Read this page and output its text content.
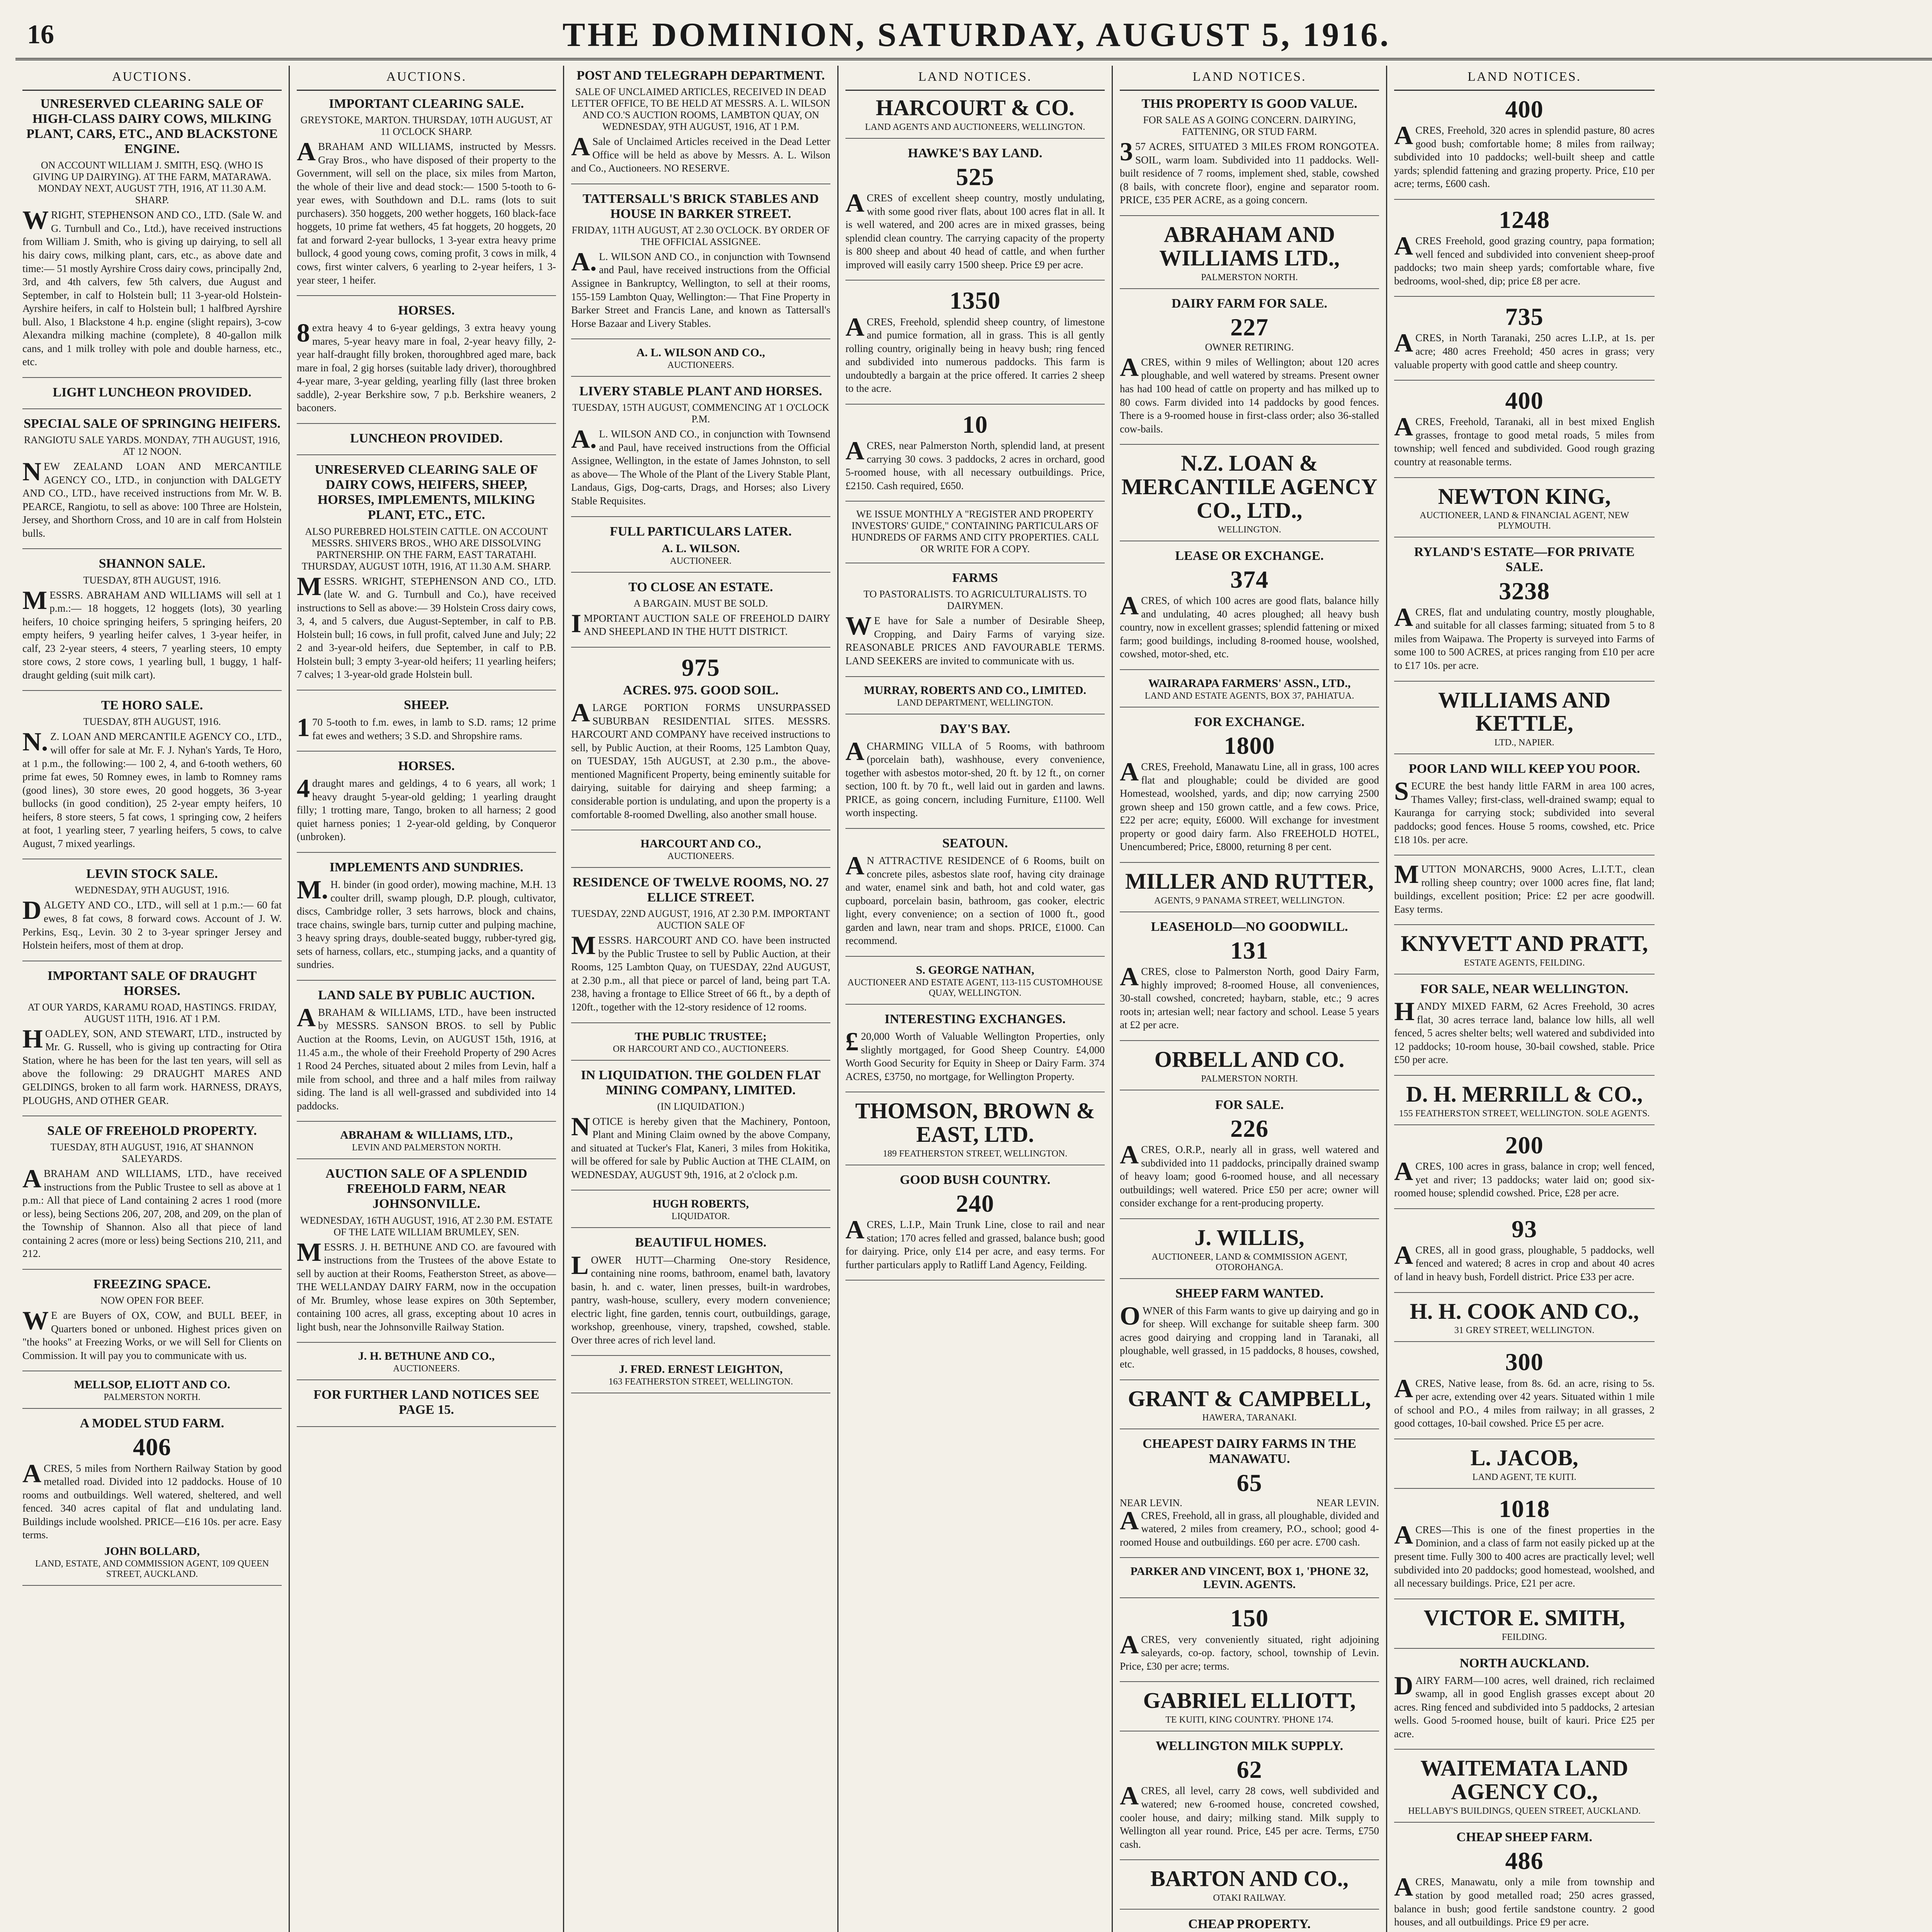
16	THE DOMINION, SATURDAY, AUGUST 5, 1916.
AUCTIONS.
UNRESERVED CLEARING SALE OF HIGH-CLASS DAIRY COWS, MILKING PLANT, CARS, ETC., AND BLACKSTONE ENGINE.
ON ACCOUNT WILLIAM J. SMITH, ESQ. (WHO IS GIVING UP DAIRYING). AT THE FARM, MATARAWA. MONDAY NEXT, AUGUST 7TH, 1916, AT 11.30 A.M. SHARP.

WRIGHT, STEPHENSON AND CO., LTD. (Sale W. and G. Turnbull and Co., Ltd.), have received instructions from William J. Smith, who is giving up dairying, to sell all his dairy cows, milking plant, cars, etc., as above date and time:— 51 mostly Ayrshire Cross dairy cows, principally 2nd, 3rd, and 4th calvers, few 5th calvers, due August and September, in calf to Holstein bull; 11 3-year-old Holstein-Ayrshire heifers, in calf to Holstein bull; 1 halfbred Ayrshire bull. Also, 1 Blackstone 4 h.p. engine (slight repairs), 3-cow Alexandra milking machine (complete), 8 40-gallon milk cans, and 1 milk trolley with pole and double harness, etc., etc.

LIGHT LUNCHEON PROVIDED.
SPECIAL SALE OF SPRINGING HEIFERS.
RANGIOTU SALE YARDS. MONDAY, 7TH AUGUST, 1916, AT 12 NOON.

NEW ZEALAND LOAN AND MERCANTILE AGENCY CO., LTD., in conjunction with DALGETY AND CO., LTD., have received instructions from Mr. W. B. PEARCE, Rangiotu, to sell as above: 100 Three are Holstein, Jersey, and Shorthorn Cross, and 10 are in calf from Holstein bulls.

SHANNON SALE.
TUESDAY, 8TH AUGUST, 1916.

MESSRS. ABRAHAM AND WILLIAMS will sell at 1 p.m.:— 18 hoggets, 12 hoggets (lots), 30 yearling heifers, 10 choice springing heifers, 5 springing heifers, 20 empty heifers, 9 yearling heifer calves, 1 3-year heifer, in calf, 23 2-year steers, 4 steers, 7 yearling steers, 10 empty store cows, 2 store cows, 1 yearling bull, 1 buggy, 1 half-draught gelding (suit milk cart).

TE HORO SALE.
TUESDAY, 8TH AUGUST, 1916.

N.Z. LOAN AND MERCANTILE AGENCY CO., LTD., will offer for sale at Mr. F. J. Nyhan's Yards, Te Horo, at 1 p.m., the following:— 100 2, 4, and 6-tooth wethers, 60 prime fat ewes, 50 Romney ewes, in lamb to Romney rams (good lines), 30 store ewes, 20 good hoggets, 36 3-year bullocks (in good condition), 25 2-year empty heifers, 10 heifers, 8 store steers, 5 fat cows, 1 springing cow, 2 heifers at foot, 1 yearling steer, 7 yearling heifers, 5 cows, to calve August, 7 mixed yearlings.

LEVIN STOCK SALE.
WEDNESDAY, 9TH AUGUST, 1916.

DALGETY AND CO., LTD., will sell at 1 p.m.:— 60 fat ewes, 8 fat cows, 8 forward cows. Account of J. W. Perkins, Esq., Levin. 30 2 to 3-year springer Jersey and Holstein heifers, most of them at drop.

IMPORTANT SALE OF DRAUGHT HORSES.
AT OUR YARDS, KARAMU ROAD, HASTINGS. FRIDAY, AUGUST 11TH, 1916. AT 1 P.M.

HOADLEY, SON, AND STEWART, LTD., instructed by Mr. G. Russell, who is giving up contracting for Otira Station, where he has been for the last ten years, will sell as above the following: 29 DRAUGHT MARES AND GELDINGS, broken to all farm work. HARNESS, DRAYS, PLOUGHS, AND OTHER GEAR.

SALE OF FREEHOLD PROPERTY.
TUESDAY, 8TH AUGUST, 1916, AT SHANNON SALEYARDS.

ABRAHAM AND WILLIAMS, LTD., have received instructions from the Public Trustee to sell as above at 1 p.m.: All that piece of Land containing 2 acres 1 rood (more or less), being Sections 206, 207, 208, and 209, on the plan of the Township of Shannon. Also all that piece of land containing 2 acres (more or less) being Sections 210, 211, and 212.

FREEZING SPACE.
NOW OPEN FOR BEEF.

WE are Buyers of OX, COW, and BULL BEEF, in Quarters boned or unboned. Highest prices given on "the hooks" at Freezing Works, or we will Sell for Clients on Commission. It will pay you to communicate with us.

MELLSOP, ELIOTT AND CO.
PALMERSTON NORTH.
A MODEL STUD FARM.
406

ACRES, 5 miles from Northern Railway Station by good metalled road. Divided into 12 paddocks. House of 10 rooms and outbuildings. Well watered, sheltered, and well fenced. 340 acres capital of flat and undulating land. Buildings include woolshed. PRICE—£16 10s. per acre. Easy terms.

JOHN BOLLARD,
LAND, ESTATE, AND COMMISSION AGENT, 109 QUEEN STREET, AUCKLAND.
AUCTIONS.
IMPORTANT CLEARING SALE.
GREYSTOKE, MARTON. THURSDAY, 10TH AUGUST, AT 11 O'CLOCK SHARP.

ABRAHAM AND WILLIAMS, instructed by Messrs. Gray Bros., who have disposed of their property to the Government, will sell on the place, six miles from Marton, the whole of their live and dead stock:— 1500 5-tooth to 6-year ewes, with Southdown and D.L. rams (lots to suit purchasers). 350 hoggets, 200 wether hoggets, 160 black-face hoggets, 10 prime fat wethers, 45 fat hoggets, 20 hoggets, 20 fat and forward 2-year bullocks, 1 3-year extra heavy prime bullock, 4 good young cows, coming profit, 3 cows in milk, 4 cows, first winter calvers, 6 yearling to 2-year heifers, 1 3-year steer, 1 heifer.

HORSES.

8extra heavy 4 to 6-year geldings, 3 extra heavy young mares, 5-year heavy mare in foal, 2-year heavy filly, 2-year half-draught filly broken, thoroughbred aged mare, back mare in foal, 2 gig horses (suitable lady driver), thoroughbred 4-year mare, 3-year gelding, yearling filly (last three broken saddle), 2-year Berkshire sow, 7 p.b. Berkshire weaners, 2 baconers.

LUNCHEON PROVIDED.
UNRESERVED CLEARING SALE OF DAIRY COWS, HEIFERS, SHEEP, HORSES, IMPLEMENTS, MILKING PLANT, ETC., ETC.
ALSO PUREBRED HOLSTEIN CATTLE. ON ACCOUNT MESSRS. SHIVERS BROS., WHO ARE DISSOLVING PARTNERSHIP. ON THE FARM, EAST TARATAHI. THURSDAY, AUGUST 10TH, 1916, AT 11.30 A.M. SHARP.

MESSRS. WRIGHT, STEPHENSON AND CO., LTD. (late W. and G. Turnbull and Co.), have received instructions to Sell as above:— 39 Holstein Cross dairy cows, 3, 4, and 5 calvers, due August-September, in calf to P.B. Holstein bull; 16 cows, in full profit, calved June and July; 22 2 and 3-year-old heifers, due September, in calf to P.B. Holstein bull; 3 empty 3-year-old heifers; 11 yearling heifers; 7 calves; 1 3-year-old grade Holstein bull.

SHEEP.

170 5-tooth to f.m. ewes, in lamb to S.D. rams; 12 prime fat ewes and wethers; 3 S.D. and Shropshire rams.

HORSES.

4draught mares and geldings, 4 to 6 years, all work; 1 heavy draught 5-year-old gelding; 1 yearling draught filly; 1 trotting mare, Tango, broken to all harness; 2 good quiet harness ponies; 1 2-year-old gelding, by Conqueror (unbroken).

IMPLEMENTS AND SUNDRIES.

M.H. binder (in good order), mowing machine, M.H. 13 coulter drill, swamp plough, D.P. plough, cultivator, discs, Cambridge roller, 3 sets harrows, block and chains, trace chains, swingle bars, turnip cutter and pulping machine, 3 heavy spring drays, double-seated buggy, rubber-tyred gig, sets of harness, collars, etc., stumping jacks, and a quantity of sundries.

LAND SALE BY PUBLIC AUCTION.

ABRAHAM & WILLIAMS, LTD., have been instructed by MESSRS. SANSON BROS. to sell by Public Auction at the Rooms, Levin, on AUGUST 15th, 1916, at 11.45 a.m., the whole of their Freehold Property of 290 Acres 1 Rood 24 Perches, situated about 2 miles from Levin, half a mile from school, and three and a half miles from railway siding. The land is all well-grassed and subdivided into 14 paddocks.

ABRAHAM & WILLIAMS, LTD.,
LEVIN AND PALMERSTON NORTH.
AUCTION SALE OF A SPLENDID FREEHOLD FARM, NEAR JOHNSONVILLE.
WEDNESDAY, 16TH AUGUST, 1916, AT 2.30 P.M. ESTATE OF THE LATE WILLIAM BRUMLEY, SEN.

MESSRS. J. H. BETHUNE AND CO. are favoured with instructions from the Trustees of the above Estate to sell by auction at their Rooms, Featherston Street, as above— THE WELLANDAY DAIRY FARM, now in the occupation of Mr. Brumley, whose lease expires on 30th September, containing 100 acres, all grass, excepting about 10 acres in light bush, near the Johnsonville Railway Station.

J. H. BETHUNE AND CO.,
AUCTIONEERS.
FOR FURTHER LAND NOTICES SEE PAGE 15.
POST AND TELEGRAPH DEPARTMENT.
SALE OF UNCLAIMED ARTICLES, RECEIVED IN DEAD LETTER OFFICE, TO BE HELD AT MESSRS. A. L. WILSON AND CO.'S AUCTION ROOMS, LAMBTON QUAY, ON WEDNESDAY, 9TH AUGUST, 1916, AT 1 P.M.

ASale of Unclaimed Articles received in the Dead Letter Office will be held as above by Messrs. A. L. Wilson and Co., Auctioneers. NO RESERVE.

TATTERSALL'S BRICK STABLES AND HOUSE IN BARKER STREET.
FRIDAY, 11TH AUGUST, AT 2.30 O'CLOCK. BY ORDER OF THE OFFICIAL ASSIGNEE.

A.L. WILSON AND CO., in conjunction with Townsend and Paul, have received instructions from the Official Assignee in Bankruptcy, Wellington, to sell at their rooms, 155-159 Lambton Quay, Wellington:— That Fine Property in Barker Street and Francis Lane, and known as Tattersall's Horse Bazaar and Livery Stables.

A. L. WILSON AND CO.,
AUCTIONEERS.
LIVERY STABLE PLANT AND HORSES.
TUESDAY, 15TH AUGUST, COMMENCING AT 1 O'CLOCK P.M.

A.L. WILSON AND CO., in conjunction with Townsend and Paul, have received instructions from the Official Assignee, Wellington, in the estate of James Johnston, to sell as above— The Whole of the Plant of the Livery Stable Plant, Landaus, Gigs, Dog-carts, Drags, and Horses; also Livery Stable Requisites.

FULL PARTICULARS LATER.
A. L. WILSON.
AUCTIONEER.
TO CLOSE AN ESTATE.
A BARGAIN. MUST BE SOLD.

IMPORTANT AUCTION SALE OF FREEHOLD DAIRY AND SHEEPLAND IN THE HUTT DISTRICT.

975
ACRES. 975. GOOD SOIL.

ALARGE PORTION FORMS UNSURPASSED SUBURBAN RESIDENTIAL SITES. MESSRS. HARCOURT AND COMPANY have received instructions to sell, by Public Auction, at their Rooms, 125 Lambton Quay, on TUESDAY, 15th AUGUST, at 2.30 p.m., the above-mentioned Magnificent Property, being eminently suitable for dairying, suitable for dairying and sheep farming; a considerable portion is undulating, and upon the property is a comfortable 8-roomed Dwelling, also another small house.

HARCOURT AND CO.,
AUCTIONEERS.
RESIDENCE OF TWELVE ROOMS, NO. 27 ELLICE STREET.
TUESDAY, 22ND AUGUST, 1916, AT 2.30 P.M. IMPORTANT AUCTION SALE OF

MESSRS. HARCOURT AND CO. have been instructed by the Public Trustee to sell by Public Auction, at their Rooms, 125 Lambton Quay, on TUESDAY, 22nd AUGUST, at 2.30 p.m., all that piece or parcel of land, being part T.A. 238, having a frontage to Ellice Street of 66 ft., by a depth of 120ft., together with the 12-story residence of 12 rooms.

THE PUBLIC TRUSTEE;
OR HARCOURT AND CO., AUCTIONEERS.
IN LIQUIDATION. THE GOLDEN FLAT MINING COMPANY, LIMITED.
(IN LIQUIDATION.)

NOTICE is hereby given that the Machinery, Pontoon, Plant and Mining Claim owned by the above Company, and situated at Tucker's Flat, Kaneri, 3 miles from Hokitika, will be offered for sale by Public Auction at THE CLAIM, on WEDNESDAY, AUGUST 9th, 1916, at 2 o'clock p.m.

HUGH ROBERTS,
LIQUIDATOR.
BEAUTIFUL HOMES.

LOWER HUTT—Charming One-story Residence, containing nine rooms, bathroom, enamel bath, lavatory basin, h. and c. water, linen presses, built-in wardrobes, pantry, wash-house, scullery, every modern convenience; electric light, fine garden, tennis court, outbuildings, garage, workshop, greenhouse, vinery, trapshed, cowshed, stable. Over three acres of rich level land.

J. FRED. ERNEST LEIGHTON,
163 FEATHERSTON STREET, WELLINGTON.
LAND NOTICES.
HARCOURT & CO.
LAND AGENTS AND AUCTIONEERS, WELLINGTON.
HAWKE'S BAY LAND.
525

ACRES of excellent sheep country, mostly undulating, with some good river flats, about 100 acres flat in all. It is well watered, and 200 acres are in mixed grasses, being splendid clean country. The carrying capacity of the property is 800 sheep and about 40 head of cattle, and when further improved will easily carry 1500 sheep. Price £9 per acre.

1350

ACRES, Freehold, splendid sheep country, of limestone and pumice formation, all in grass. This is all gently rolling country, originally being in heavy bush; ring fenced and subdivided into numerous paddocks. This farm is undoubtedly a bargain at the price offered. It carries 2 sheep to the acre.

10

ACRES, near Palmerston North, splendid land, at present carrying 30 cows. 3 paddocks, 2 acres in orchard, good 5-roomed house, with all necessary outbuildings. Price, £2150. Cash required, £650.

WE ISSUE MONTHLY A "REGISTER AND PROPERTY INVESTORS' GUIDE," CONTAINING PARTICULARS OF HUNDREDS OF FARMS AND CITY PROPERTIES. CALL OR WRITE FOR A COPY.
FARMS
TO PASTORALISTS. TO AGRICULTURALISTS. TO DAIRYMEN.

WE have for Sale a number of Desirable Sheep, Cropping, and Dairy Farms of varying size. REASONABLE PRICES AND FAVOURABLE TERMS. LAND SEEKERS are invited to communicate with us.

MURRAY, ROBERTS AND CO., LIMITED.
LAND DEPARTMENT, WELLINGTON.
DAY'S BAY.

ACHARMING VILLA of 5 Rooms, with bathroom (porcelain bath), washhouse, every convenience, together with asbestos motor-shed, 20 ft. by 12 ft., on corner section, 100 ft. by 70 ft., well laid out in garden and lawns. PRICE, as going concern, including Furniture, £1100. Well worth inspecting.

SEATOUN.

AN ATTRACTIVE RESIDENCE of 6 Rooms, built on concrete piles, asbestos slate roof, having city drainage and water, enamel sink and bath, hot and cold water, gas cupboard, porcelain basin, bathroom, gas cooker, electric light, every convenience; on a section of 1000 ft., good garden and lawn, near tram and shops. PRICE, £1000. Can recommend.

S. GEORGE NATHAN,
AUCTIONEER AND ESTATE AGENT, 113-115 CUSTOMHOUSE QUAY, WELLINGTON.
INTERESTING EXCHANGES.

£20,000 Worth of Valuable Wellington Properties, only slightly mortgaged, for Good Sheep Country. £4,000 Worth Good Security for Equity in Sheep or Dairy Farm. 374 ACRES, £3750, no mortgage, for Wellington Property.

THOMSON, BROWN & EAST, LTD.
189 FEATHERSTON STREET, WELLINGTON.
GOOD BUSH COUNTRY.
240

ACRES, L.I.P., Main Trunk Line, close to rail and near station; 170 acres felled and grassed, balance bush; good for dairying. Price, only £14 per acre, and easy terms. For further particulars apply to Ratliff Land Agency, Feilding.

LAND NOTICES.
THIS PROPERTY IS GOOD VALUE.
FOR SALE AS A GOING CONCERN. DAIRYING, FATTENING, OR STUD FARM.

357 ACRES, SITUATED 3 MILES FROM RONGOTEA. SOIL, warm loam. Subdivided into 11 paddocks. Well-built residence of 7 rooms, implement shed, stable, cowshed (8 bails, with concrete floor), engine and separator room. PRICE, £35 PER ACRE, as a going concern.

ABRAHAM AND WILLIAMS LTD.,
PALMERSTON NORTH.
DAIRY FARM FOR SALE.
227
OWNER RETIRING.

ACRES, within 9 miles of Wellington; about 120 acres ploughable, and well watered by streams. Present owner has had 100 head of cattle on property and has milked up to 80 cows. Farm divided into 14 paddocks by good fences. There is a 9-roomed house in first-class order; also 36-stalled cow-bails.

N.Z. LOAN & MERCANTILE AGENCY CO., LTD.,
WELLINGTON.
LEASE OR EXCHANGE.
374

ACRES, of which 100 acres are good flats, balance hilly and undulating, 40 acres ploughed; all heavy bush country, now in excellent grasses; splendid fattening or mixed farm; good buildings, including 8-roomed house, woolshed, cowshed, motor-shed, etc.

WAIRARAPA FARMERS' ASSN., LTD.,
LAND AND ESTATE AGENTS, BOX 37, PAHIATUA.
FOR EXCHANGE.
1800

ACRES, Freehold, Manawatu Line, all in grass, 100 acres flat and ploughable; could be divided are good Homestead, woolshed, yards, and dip; now carrying 2500 grown sheep and 150 grown cattle, and a few cows. Price, £22 per acre; equity, £6000. Will exchange for investment property or good dairy farm. Also FREEHOLD HOTEL, Unencumbered; Price, £8000, returning 8 per cent.

MILLER AND RUTTER,
AGENTS, 9 PANAMA STREET, WELLINGTON.
LEASEHOLD—NO GOODWILL.
131

ACRES, close to Palmerston North, good Dairy Farm, highly improved; 8-roomed House, all conveniences, 30-stall cowshed, concreted; haybarn, stable, etc.; 9 acres roots in; artesian well; near factory and school. Lease 5 years at £2 per acre.

ORBELL AND CO.
PALMERSTON NORTH.
FOR SALE.
226

ACRES, O.R.P., nearly all in grass, well watered and subdivided into 11 paddocks, principally drained swamp of heavy loam; good 6-roomed house, and all necessary outbuildings; well watered. Price £50 per acre; owner will consider exchange for a rent-producing property.

J. WILLIS,
AUCTIONEER, LAND & COMMISSION AGENT, OTOROHANGA.
SHEEP FARM WANTED.

OWNER of this Farm wants to give up dairying and go in for sheep. Will exchange for suitable sheep farm. 300 acres good dairying and cropping land in Taranaki, all ploughable, well grassed, in 15 paddocks, 8 houses, cowshed, etc.

GRANT & CAMPBELL,
HAWERA, TARANAKI.
CHEAPEST DAIRY FARMS IN THE MANAWATU.
65
NEAR LEVIN.	NEAR LEVIN.

ACRES, Freehold, all in grass, all ploughable, divided and watered, 2 miles from creamery, P.O., school; good 4-roomed House and outbuildings. £60 per acre. £700 cash.

PARKER AND VINCENT, BOX 1, 'PHONE 32, LEVIN. AGENTS.
150

ACRES, very conveniently situated, right adjoining saleyards, co-op. factory, school, township of Levin. Price, £30 per acre; terms.

GABRIEL ELLIOTT,
TE KUITI, KING COUNTRY. 'PHONE 174.
WELLINGTON MILK SUPPLY.
62

ACRES, all level, carry 28 cows, well subdivided and watered; new 6-roomed house, concreted cowshed, cooler house, and dairy; milking stand. Milk supply to Wellington all year round. Price, £45 per acre. Terms, £750 cash.

BARTON AND CO.,
OTAKI RAILWAY.
CHEAP PROPERTY.

LAND NOTICES.
400

ACRES, Freehold, 320 acres in splendid pasture, 80 acres good bush; comfortable home; 8 miles from railway; subdivided into 10 paddocks; well-built sheep and cattle yards; splendid fattening and grazing property. Price, £10 per acre; terms, £600 cash.

1248

ACRES Freehold, good grazing country, papa formation; well fenced and subdivided into convenient sheep-proof paddocks; two main sheep yards; comfortable whare, five bedrooms, wool-shed, dip; price £8 per acre.

735

ACRES, in North Taranaki, 250 acres L.I.P., at 1s. per acre; 480 acres Freehold; 450 acres in grass; very valuable property with good cattle and sheep country.

400

ACRES, Freehold, Taranaki, all in best mixed English grasses, frontage to good metal roads, 5 miles from township; well fenced and subdivided. Good rough grazing country at reasonable terms.

NEWTON KING,
AUCTIONEER, LAND & FINANCIAL AGENT, NEW PLYMOUTH.
RYLAND'S ESTATE—FOR PRIVATE SALE.
3238

ACRES, flat and undulating country, mostly ploughable, and suitable for all classes farming; situated from 5 to 8 miles from Waipawa. The Property is surveyed into Farms of some 100 to 500 ACRES, at prices ranging from £10 per acre to £17 10s. per acre.

WILLIAMS AND KETTLE,
LTD., NAPIER.
POOR LAND WILL KEEP YOU POOR.

SECURE the best handy little FARM in area 100 acres, Thames Valley; first-class, well-drained swamp; equal to Kauranga for carrying stock; subdivided into several paddocks; good fences. House 5 rooms, cowshed, etc. Price £18 10s. per acre.

MUTTON MONARCHS, 9000 Acres, L.I.T.T., clean rolling sheep country; over 1000 acres fine, flat land; buildings, excellent position; Price: £2 per acre goodwill. Easy terms.

KNYVETT AND PRATT,
ESTATE AGENTS, FEILDING.
FOR SALE, NEAR WELLINGTON.

HANDY MIXED FARM, 62 Acres Freehold, 30 acres flat, 30 acres terrace land, balance low hills, all well fenced, 5 acres shelter belts; well watered and subdivided into 12 paddocks; 10-room house, 30-bail cowshed, stable. Price £50 per acre.

D. H. MERRILL & CO.,
155 FEATHERSTON STREET, WELLINGTON. SOLE AGENTS.
200

ACRES, 100 acres in grass, balance in crop; well fenced, yet and river; 13 paddocks; water laid on; good six-roomed house; splendid cowshed. Price, £28 per acre.

93

ACRES, all in good grass, ploughable, 5 paddocks, well fenced and watered; 8 acres in crop and about 40 acres of land in heavy bush, Fordell district. Price £33 per acre.

H. H. COOK AND CO.,
31 GREY STREET, WELLINGTON.
300

ACRES, Native lease, from 8s. 6d. an acre, rising to 5s. per acre, extending over 42 years. Situated within 1 mile of school and P.O., 4 miles from railway; in all grasses, 2 good cottages, 10-bail cowshed. Price £5 per acre.

L. JACOB,
LAND AGENT, TE KUITI.
1018

ACRES—This is one of the finest properties in the Dominion, and a class of farm not easily picked up at the present time. Fully 300 to 400 acres are practically level; well subdivided into 20 paddocks; good homestead, woolshed, and all necessary buildings. Price, £21 per acre.

VICTOR E. SMITH,
FEILDING.
NORTH AUCKLAND.

DAIRY FARM—100 acres, well drained, rich reclaimed swamp, all in good English grasses except about 20 acres. Ring fenced and subdivided into 5 paddocks, 2 artesian wells. Good 5-roomed house, built of kauri. Price £25 per acre.

WAITEMATA LAND AGENCY CO.,
HELLABY'S BUILDINGS, QUEEN STREET, AUCKLAND.
CHEAP SHEEP FARM.
486

ACRES, Manawatu, only a mile from township and station by good metalled road; 250 acres grassed, balance in bush; good fertile sandstone country. 2 good houses, and all outbuildings. Price £9 per acre.
